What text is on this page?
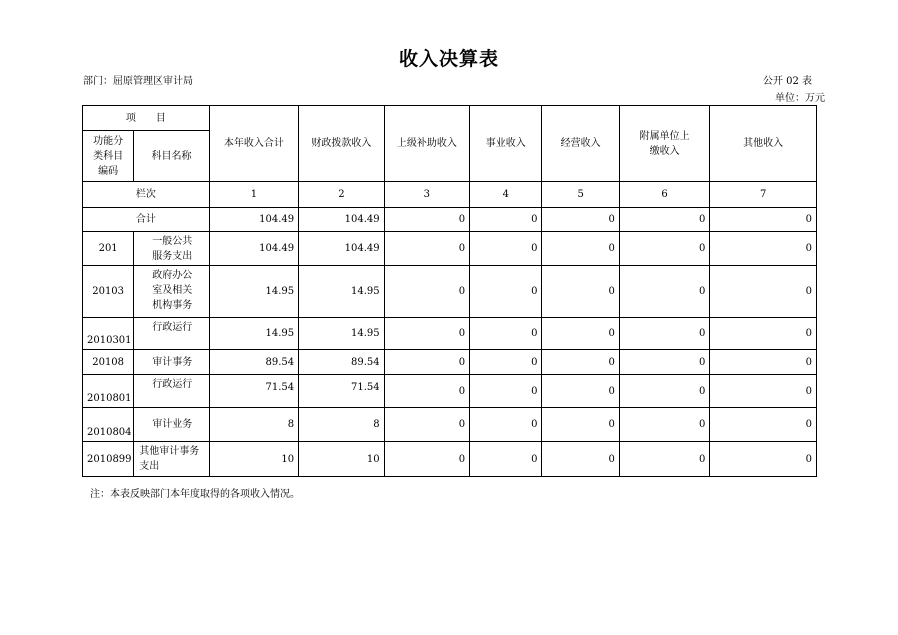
收入决算表
部门：屈原管理区审计局	公开 02 表
单位：万元
项　　目		本年收入合计	财政拨款收入	上级补助收入	事业收入	经营收入	附属单位上缴收入	其他收入
功能分类科目编码	科目名称							
栏次		1	2	3	4	5	6	7
合计		104.49	104.49	0	0	0	0	0
201	一般公共服务支出	104.49	104.49	0	0	0	0	0
20103	政府办公室及相关机构事务	14.95	14.95	0	0	0	0	0
2010301	行政运行	14.95	14.95	0	0	0	0	0
20108	审计事务	89.54	89.54	0	0	0	0	0
2010801	行政运行	71.54	71.54	0	0	0	0	0
2010804	审计业务	8	8	0	0	0	0	0
2010899	其他审计事务支出	10	10	0	0	0	0	0
注：本表反映部门本年度取得的各项收入情况。
